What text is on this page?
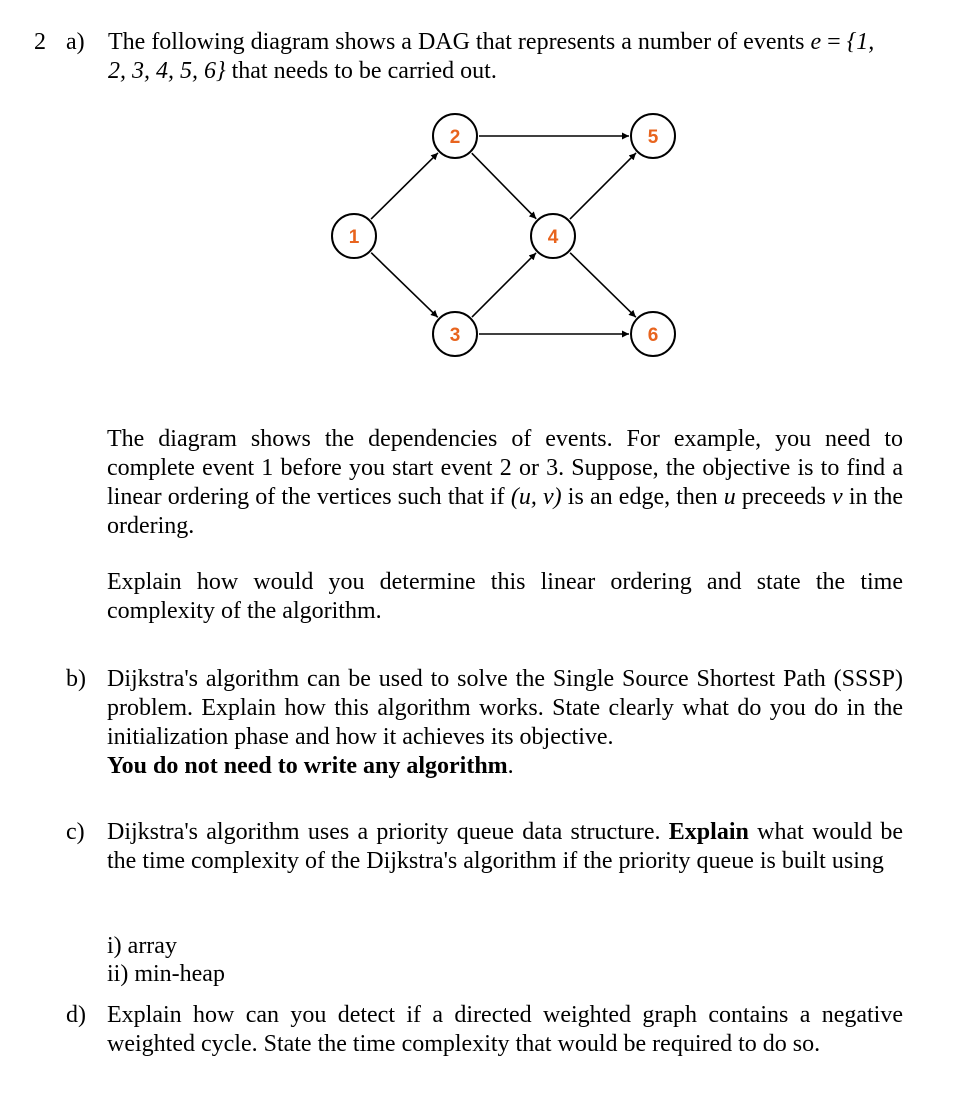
2 a) The following diagram shows a DAG that represents a number of events e = {1,
2, 3, 4, 5, 6} that needs to be carried out.
1
2
3
4
5
6
The diagram shows the dependencies of events. For example, you need to complete event 1 before you start event 2 or 3. Suppose, the objective is to find a linear ordering of the vertices such that if (u, v) is an edge, then u preceeds v in the ordering.
Explain how would you determine this linear ordering and state the time complexity of the algorithm.
b) Dijkstra's algorithm can be used to solve the Single Source Shortest Path (SSSP) problem. Explain how this algorithm works. State clearly what do you do in the initialization phase and how it achieves its objective.
You do not need to write any algorithm.
c) Dijkstra's algorithm uses a priority queue data structure. Explain what would be the time complexity of the Dijkstra's algorithm if the priority queue is built using
i) array
ii) min-heap
d) Explain how can you detect if a directed weighted graph contains a negative weighted cycle. State the time complexity that would be required to do so.
